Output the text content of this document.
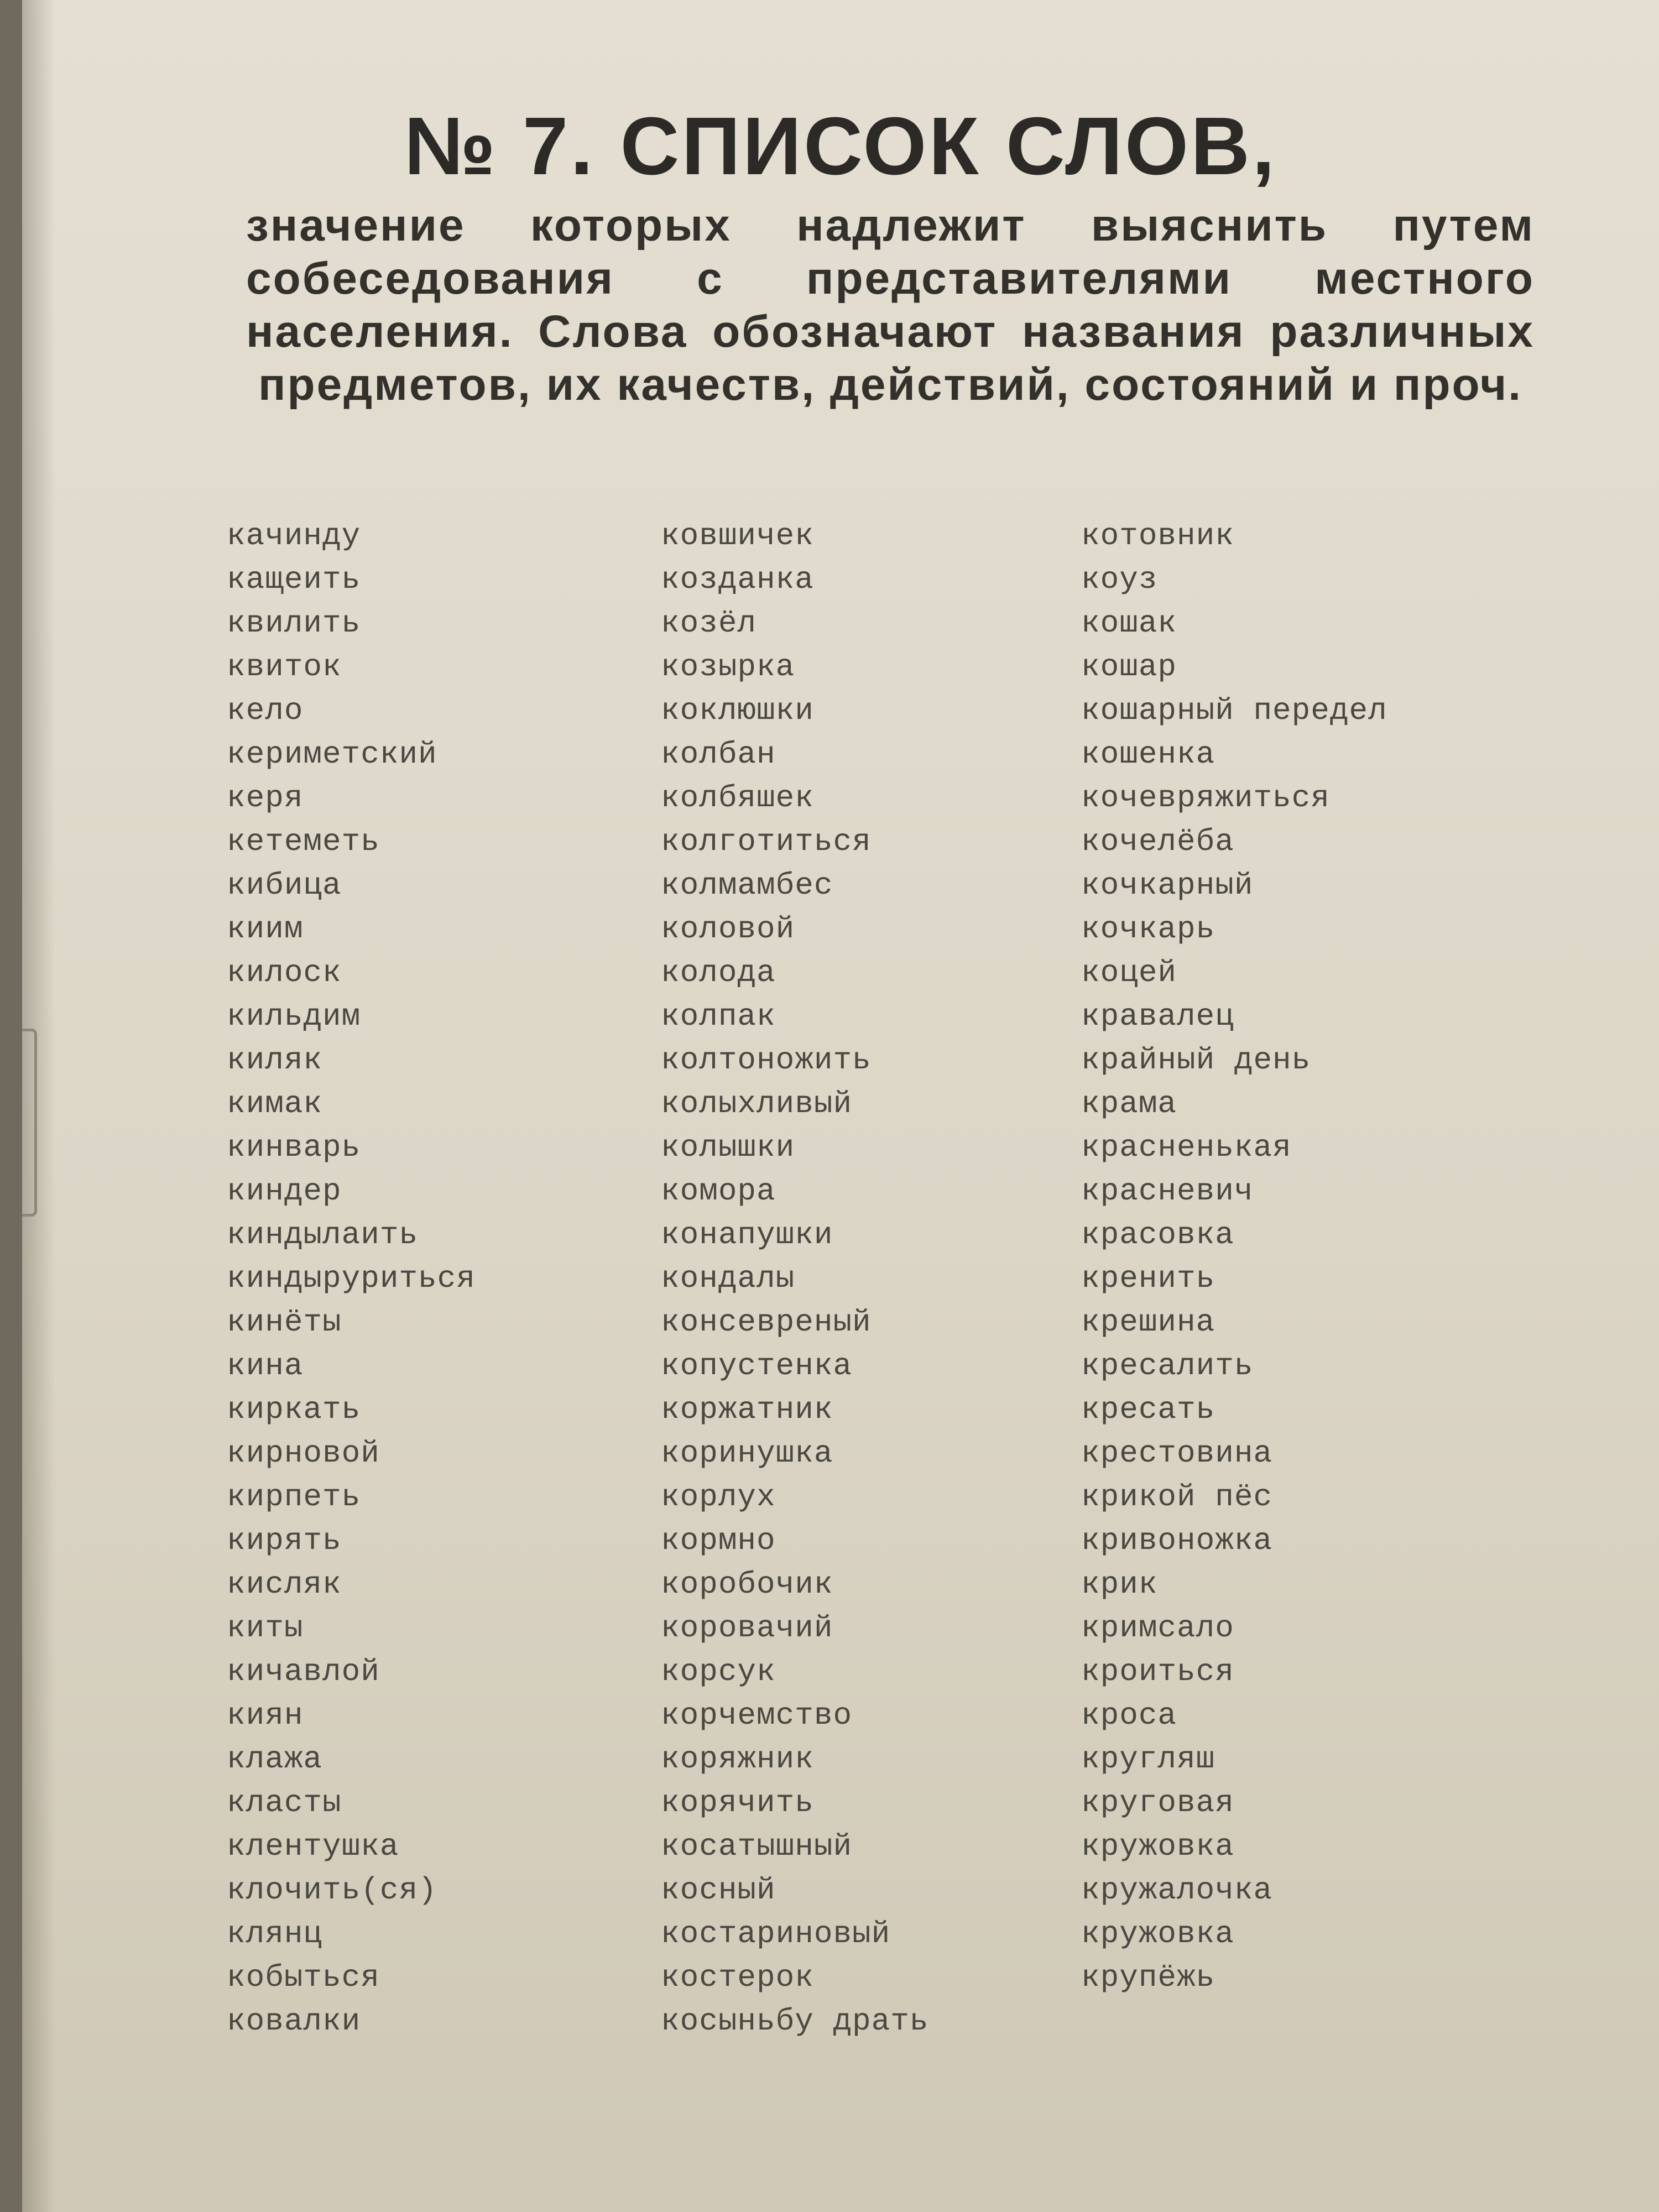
№ 7. СПИСОК СЛОВ,

значение которых надлежит выяснить путем собеседования с представителями местного населения. Слова обозначают названия различных предметов, их качеств, действий, состояний и проч.

качинду
кащеить
квилить
квиток
кело
кериметский
керя
кетеметь
кибица
киим
килоск
кильдим
киляк
кимак
кинварь
киндер
киндылаить
киндыруриться
кинёты
кина
киркать
кирновой
кирпеть
кирять
кисляк
киты
кичавлой
киян
клажа
класты
клентушка
клочить(ся)
клянц
кобыться
ковалки
ковшичек
козданка
козёл
козырка
коклюшки
колбан
колбяшек
колготиться
колмамбес
коловой
колода
колпак
колтоножить
колыхливый
колышки
комора
конапушки
кондалы
консевреный
копустенка
коржатник
коринушка
корлух
кормно
коробочик
коровачий
корсук
корчемство
коряжник
корячить
косатышный
косный
костариновый
костерок
косыньбу драть
котовник
коуз
кошак
кошар
кошарный передел
кошенка
кочевряжиться
кочелёба
кочкарный
кочкарь
коцей
кравалец
крайный день
крама
красненькая
красневич
красовка
кренить
крешина
кресалить
кресать
крестовина
крикой пёс
кривоножка
крик
кримсало
кроиться
кроса
кругляш
круговая
кружовка
кружалочка
кружовка
крупёжь
